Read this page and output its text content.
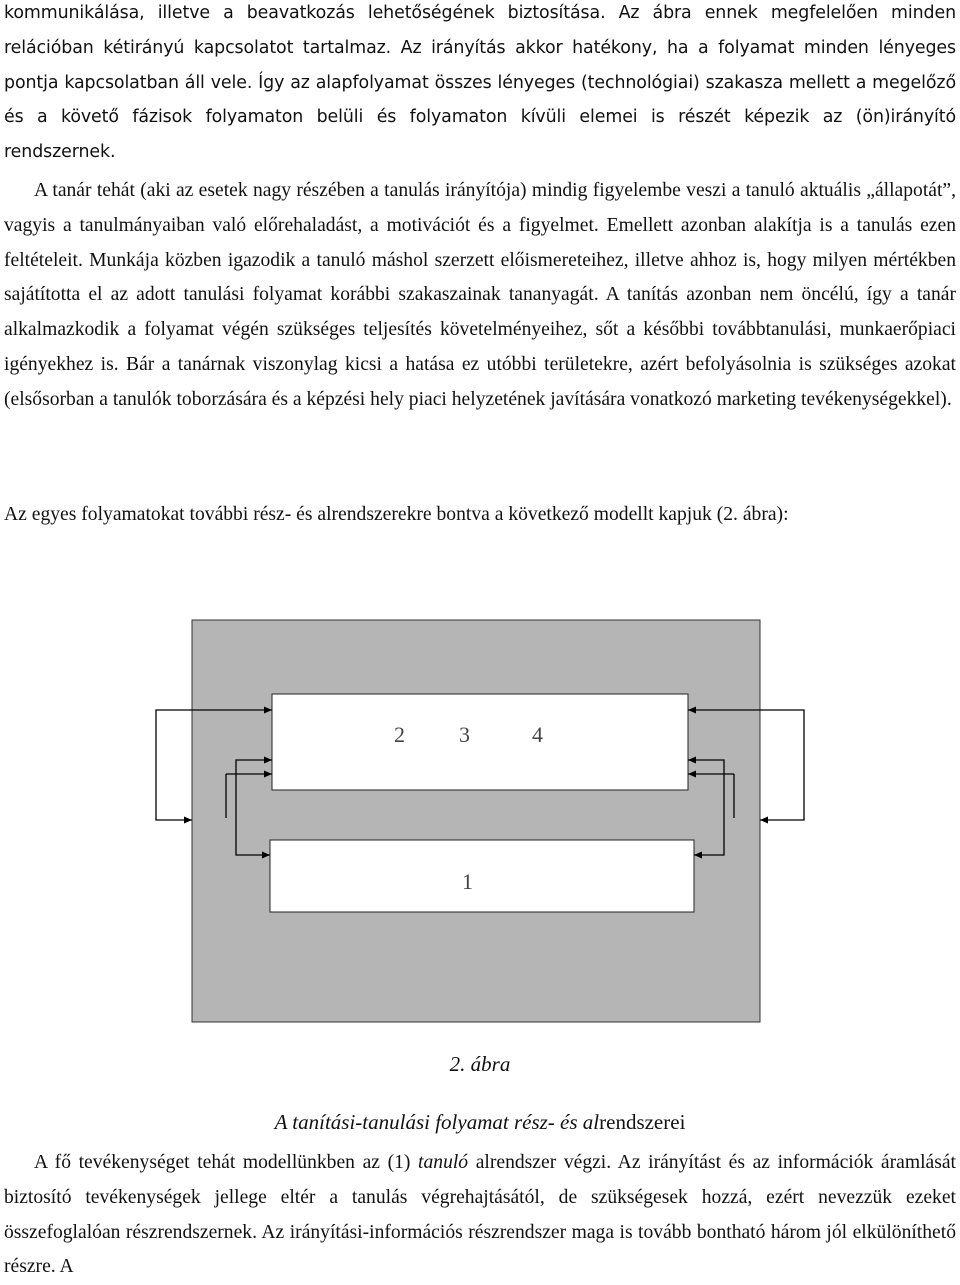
kommunikálása, illetve a beavatkozás lehetőségének biztosítása. Az ábra ennek megfelelően minden relációban kétirányú kapcsolatot tartalmaz. Az irányítás akkor hatékony, ha a folyamat minden lényeges pontja kapcsolatban áll vele. Így az alapfolyamat összes lényeges (technológiai) szakasza mellett a megelőző és a követő fázisok folyamaton belüli és folyamaton kívüli elemei is részét képezik az (ön)irányító rendszernek.

A tanár tehát (aki az esetek nagy részében a tanulás irányítója) mindig figyelembe veszi a tanuló aktuális „állapotát”, vagyis a tanulmányaiban való előrehaladást, a motivációt és a figyelmet. Emellett azonban alakítja is a tanulás ezen feltételeit. Munkája közben igazodik a tanuló máshol szerzett előismereteihez, illetve ahhoz is, hogy milyen mértékben sajátította el az adott tanulási folyamat korábbi szakaszainak tananyagát. A tanítás azonban nem öncélú, így a tanár alkalmazkodik a folyamat végén szükséges teljesítés követelményeihez, sőt a későbbi továbbtanulási, munkaerőpiaci igényekhez is. Bár a tanárnak viszonylag kicsi a hatása ez utóbbi területekre, azért befolyásolnia is szükséges azokat (elsősorban a tanulók toborzására és a képzési hely piaci helyzetének javítására vonatkozó marketing tevékenységekkel).

Az egyes folyamatokat további rész- és alrendszerekre bontva a következő modellt kapjuk (2. ábra):

2 3	4
1

2. ábra

A tanítási-tanulási folyamat rész- és alrendszerei

A fő tevékenységet tehát modellünkben az (1) tanuló alrendszer végzi. Az irányítást és az információk áramlását biztosító tevékenységek jellege eltér a tanulás végrehajtásától, de szükségesek hozzá, ezért nevezzük ezeket összefoglalóan részrendszernek. Az irányítási-információs részrendszer maga is tovább bontható három jól elkülöníthető részre. A
